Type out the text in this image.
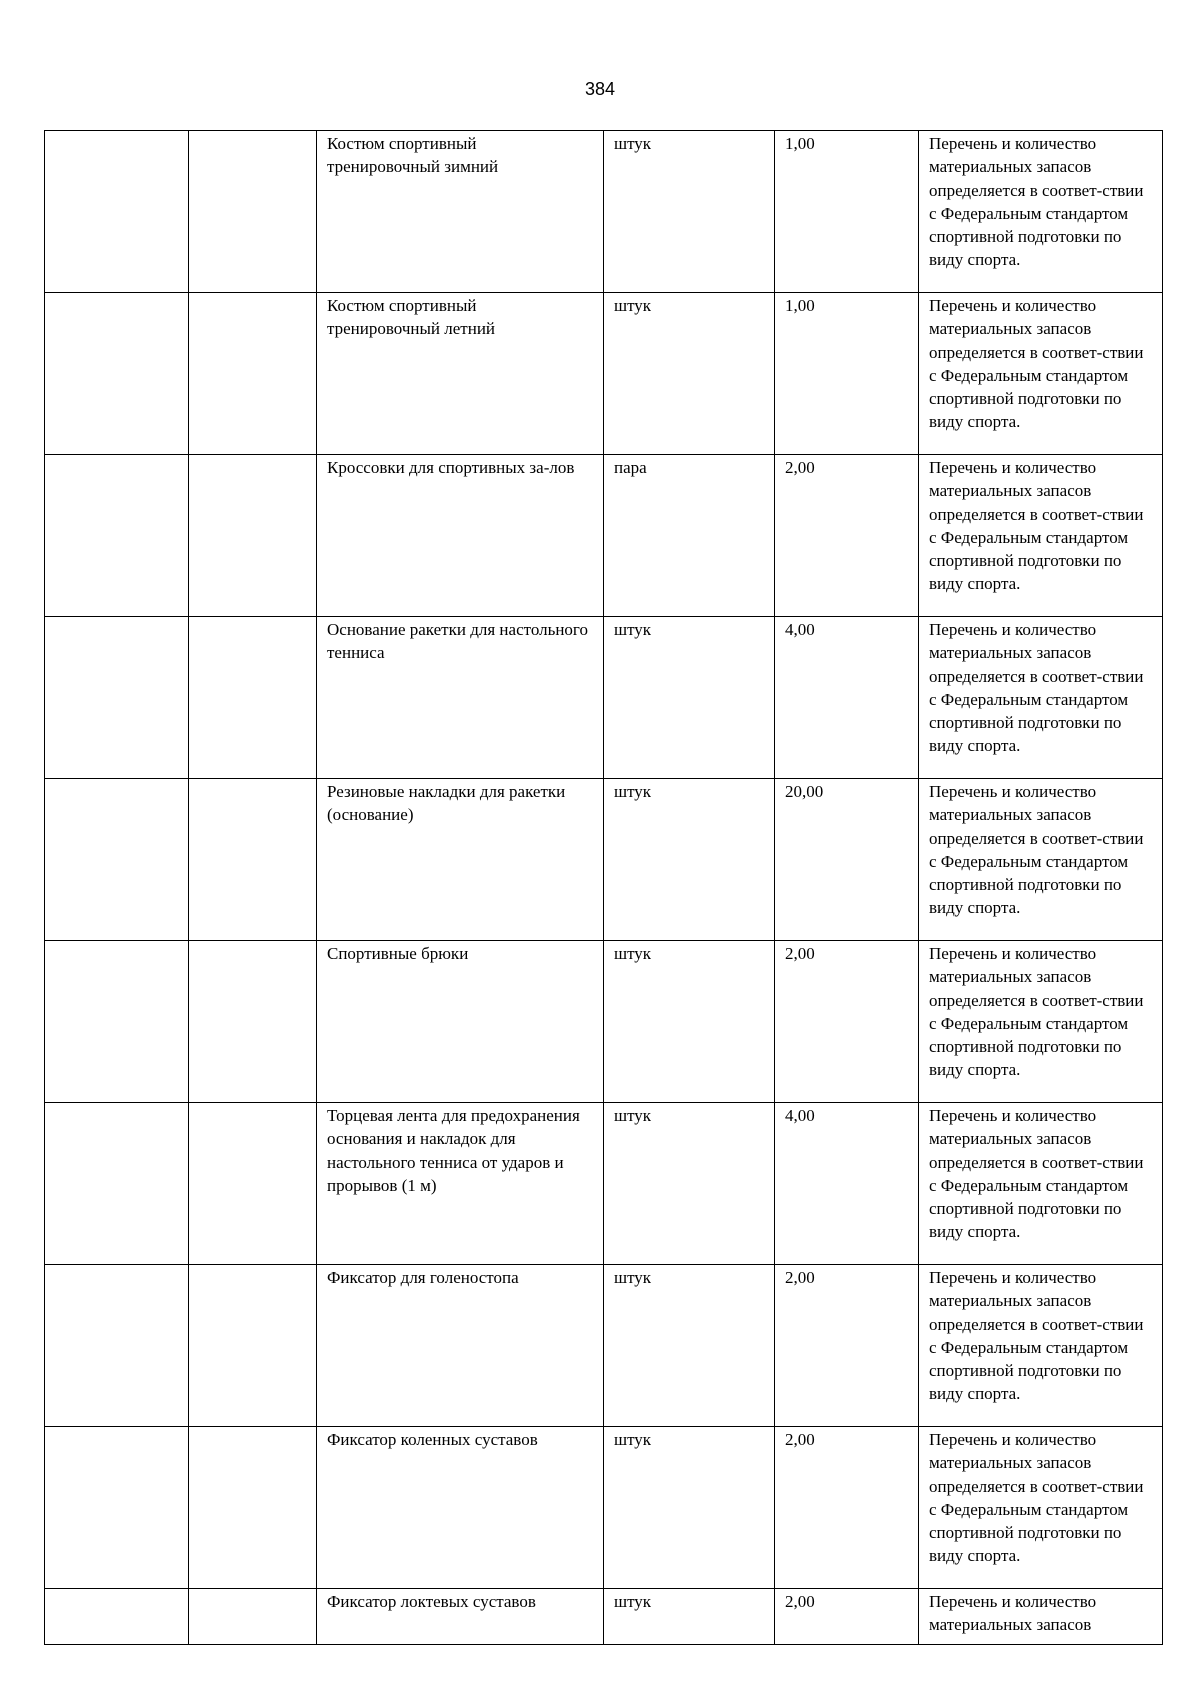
384
		Костюм спортивный тренировочный зимний	штук	1,00	Перечень и количество материальных запасов определяется в соответ-ствии с Федеральным стандартом спортивной подготовки по виду спорта.
		Костюм спортивный тренировочный летний	штук	1,00	Перечень и количество материальных запасов определяется в соответ-ствии с Федеральным стандартом спортивной подготовки по виду спорта.
		Кроссовки для спортивных за-лов	пара	2,00	Перечень и количество материальных запасов определяется в соответ-ствии с Федеральным стандартом спортивной подготовки по виду спорта.
		Основание ракетки для настольного тенниса	штук	4,00	Перечень и количество материальных запасов определяется в соответ-ствии с Федеральным стандартом спортивной подготовки по виду спорта.
		Резиновые накладки для ракетки (основание)	штук	20,00	Перечень и количество материальных запасов определяется в соответ-ствии с Федеральным стандартом спортивной подготовки по виду спорта.
		Спортивные брюки	штук	2,00	Перечень и количество материальных запасов определяется в соответ-ствии с Федеральным стандартом спортивной подготовки по виду спорта.
		Торцевая лента для предохранения основания и накладок для настольного тенниса от ударов и прорывов (1 м)	штук	4,00	Перечень и количество материальных запасов определяется в соответ-ствии с Федеральным стандартом спортивной подготовки по виду спорта.
		Фиксатор для голеностопа	штук	2,00	Перечень и количество материальных запасов определяется в соответ-ствии с Федеральным стандартом спортивной подготовки по виду спорта.
		Фиксатор коленных суставов	штук	2,00	Перечень и количество материальных запасов определяется в соответ-ствии с Федеральным стандартом спортивной подготовки по виду спорта.
		Фиксатор локтевых суставов	штук	2,00	Перечень и количество материальных запасов
